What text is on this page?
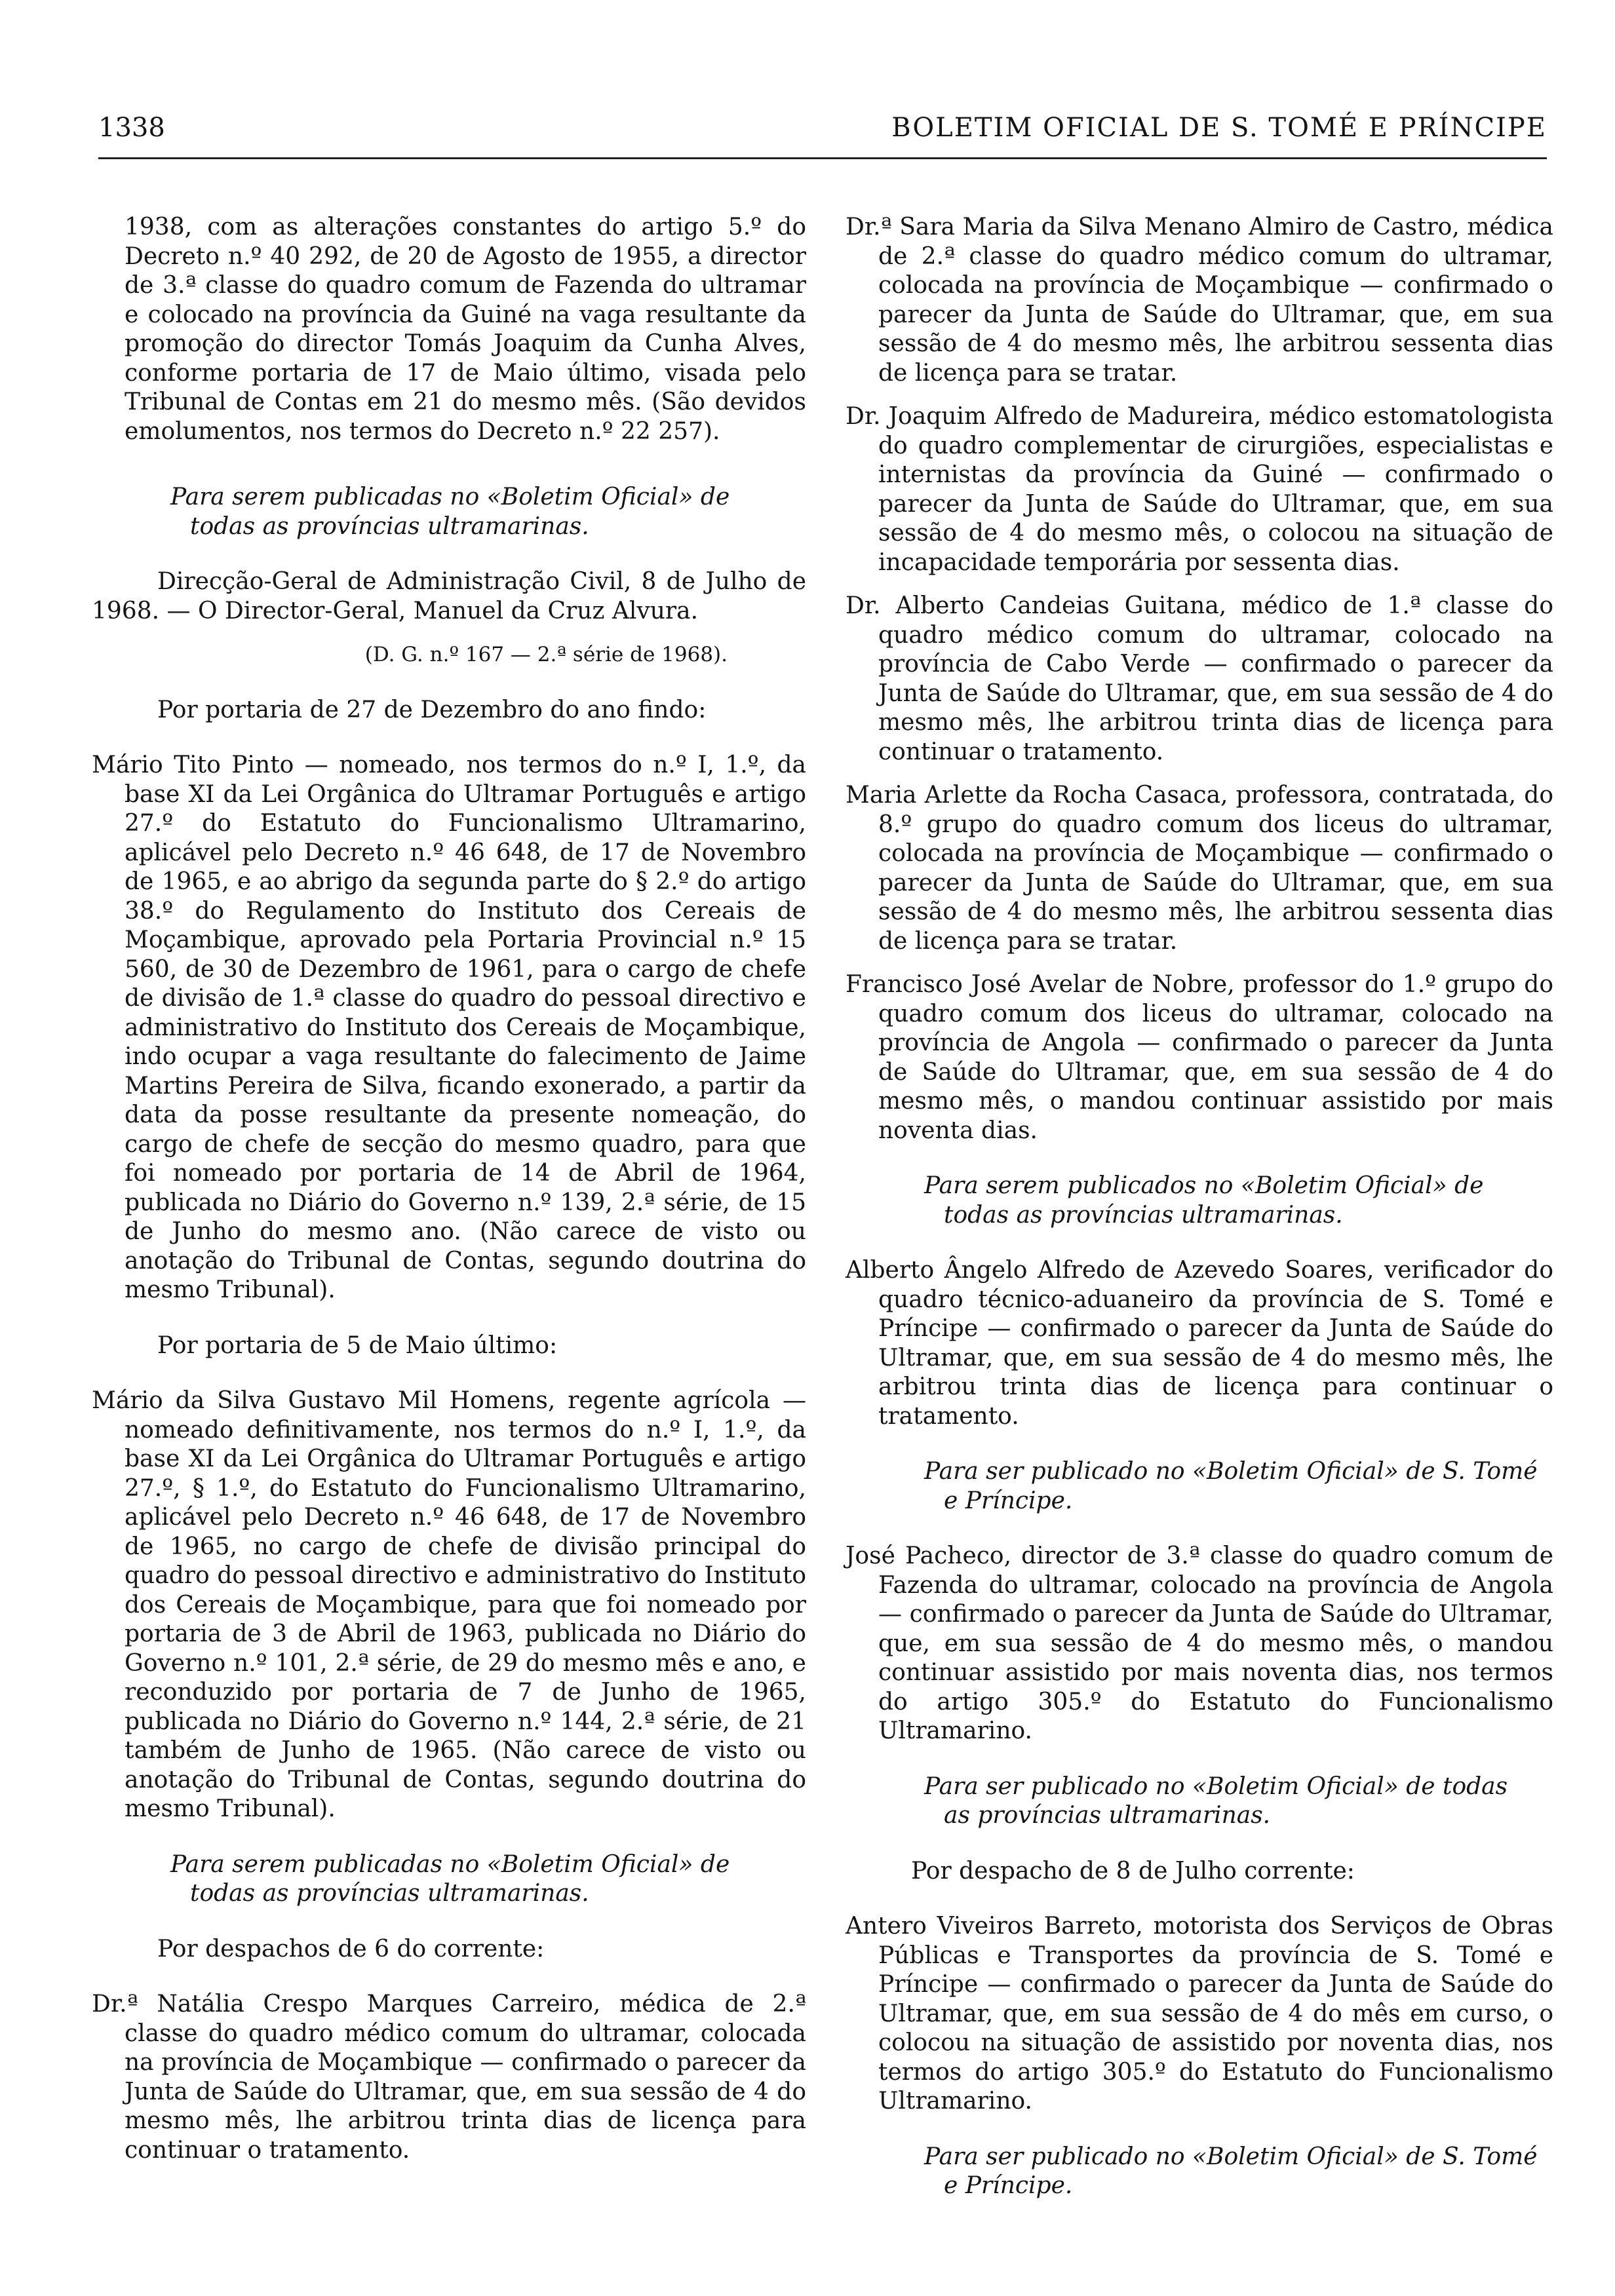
1338	BOLETIM OFICIAL DE S. TOMÉ E PRÍNCIPE

1938, com as alterações constantes do artigo 5.º do Decreto n.º 40 292, de 20 de Agosto de 1955, a director de 3.ª classe do quadro comum de Fazenda do ultramar e colocado na província da Guiné na vaga resultante da promoção do director Tomás Joaquim da Cunha Alves, conforme portaria de 17 de Maio último, visada pelo Tribunal de Contas em 21 do mesmo mês. (São devidos emolumentos, nos termos do Decreto n.º 22 257).

Para serem publicadas no «Boletim Oficial» de todas as províncias ultramarinas.

Direcção-Geral de Administração Civil, 8 de Julho de 1968. — O Director-Geral, Manuel da Cruz Alvura.

(D. G. n.º 167 — 2.ª série de 1968).

Por portaria de 27 de Dezembro do ano findo:

Mário Tito Pinto — nomeado, nos termos do n.º I, 1.º, da base XI da Lei Orgânica do Ultramar Português e artigo 27.º do Estatuto do Funcionalismo Ultramarino, aplicável pelo Decreto n.º 46 648, de 17 de Novembro de 1965, e ao abrigo da segunda parte do § 2.º do artigo 38.º do Regulamento do Instituto dos Cereais de Moçambique, aprovado pela Portaria Provincial n.º 15 560, de 30 de Dezembro de 1961, para o cargo de chefe de divisão de 1.ª classe do quadro do pessoal directivo e administrativo do Instituto dos Cereais de Moçambique, indo ocupar a vaga resultante do falecimento de Jaime Martins Pereira de Silva, ficando exonerado, a partir da data da posse resultante da presente nomeação, do cargo de chefe de secção do mesmo quadro, para que foi nomeado por portaria de 14 de Abril de 1964, publicada no Diário do Governo n.º 139, 2.ª série, de 15 de Junho do mesmo ano. (Não carece de visto ou anotação do Tribunal de Contas, segundo doutrina do mesmo Tribunal).

Por portaria de 5 de Maio último:

Mário da Silva Gustavo Mil Homens, regente agrícola — nomeado definitivamente, nos termos do n.º I, 1.º, da base XI da Lei Orgânica do Ultramar Português e artigo 27.º, § 1.º, do Estatuto do Funcionalismo Ultramarino, aplicável pelo Decreto n.º 46 648, de 17 de Novembro de 1965, no cargo de chefe de divisão principal do quadro do pessoal directivo e administrativo do Instituto dos Cereais de Moçambique, para que foi nomeado por portaria de 3 de Abril de 1963, publicada no Diário do Governo n.º 101, 2.ª série, de 29 do mesmo mês e ano, e reconduzido por portaria de 7 de Junho de 1965, publicada no Diário do Governo n.º 144, 2.ª série, de 21 também de Junho de 1965. (Não carece de visto ou anotação do Tribunal de Contas, segundo doutrina do mesmo Tribunal).

Para serem publicadas no «Boletim Oficial» de todas as províncias ultramarinas.

Por despachos de 6 do corrente:

Dr.ª Natália Crespo Marques Carreiro, médica de 2.ª classe do quadro médico comum do ultramar, colocada na província de Moçambique — confirmado o parecer da Junta de Saúde do Ultramar, que, em sua sessão de 4 do mesmo mês, lhe arbitrou trinta dias de licença para continuar o tratamento.

Dr.ª Sara Maria da Silva Menano Almiro de Castro, médica de 2.ª classe do quadro médico comum do ultramar, colocada na província de Moçambique — confirmado o parecer da Junta de Saúde do Ultramar, que, em sua sessão de 4 do mesmo mês, lhe arbitrou sessenta dias de licença para se tratar.

Dr. Joaquim Alfredo de Madureira, médico estomatologista do quadro complementar de cirurgiões, especialistas e internistas da província da Guiné — confirmado o parecer da Junta de Saúde do Ultramar, que, em sua sessão de 4 do mesmo mês, o colocou na situação de incapacidade temporária por sessenta dias.

Dr. Alberto Candeias Guitana, médico de 1.ª classe do quadro médico comum do ultramar, colocado na província de Cabo Verde — confirmado o parecer da Junta de Saúde do Ultramar, que, em sua sessão de 4 do mesmo mês, lhe arbitrou trinta dias de licença para continuar o tratamento.

Maria Arlette da Rocha Casaca, professora, contratada, do 8.º grupo do quadro comum dos liceus do ultramar, colocada na província de Moçambique — confirmado o parecer da Junta de Saúde do Ultramar, que, em sua sessão de 4 do mesmo mês, lhe arbitrou sessenta dias de licença para se tratar.

Francisco José Avelar de Nobre, professor do 1.º grupo do quadro comum dos liceus do ultramar, colocado na província de Angola — confirmado o parecer da Junta de Saúde do Ultramar, que, em sua sessão de 4 do mesmo mês, o mandou continuar assistido por mais noventa dias.

Para serem publicados no «Boletim Oficial» de todas as províncias ultramarinas.

Alberto Ângelo Alfredo de Azevedo Soares, verificador do quadro técnico-aduaneiro da província de S. Tomé e Príncipe — confirmado o parecer da Junta de Saúde do Ultramar, que, em sua sessão de 4 do mesmo mês, lhe arbitrou trinta dias de licença para continuar o tratamento.

Para ser publicado no «Boletim Oficial» de S. Tomé e Príncipe.

José Pacheco, director de 3.ª classe do quadro comum de Fazenda do ultramar, colocado na província de Angola — confirmado o parecer da Junta de Saúde do Ultramar, que, em sua sessão de 4 do mesmo mês, o mandou continuar assistido por mais noventa dias, nos termos do artigo 305.º do Estatuto do Funcionalismo Ultramarino.

Para ser publicado no «Boletim Oficial» de todas as províncias ultramarinas.

Por despacho de 8 de Julho corrente:

Antero Viveiros Barreto, motorista dos Serviços de Obras Públicas e Transportes da província de S. Tomé e Príncipe — confirmado o parecer da Junta de Saúde do Ultramar, que, em sua sessão de 4 do mês em curso, o colocou na situação de assistido por noventa dias, nos termos do artigo 305.º do Estatuto do Funcionalismo Ultramarino.

Para ser publicado no «Boletim Oficial» de S. Tomé e Príncipe.
